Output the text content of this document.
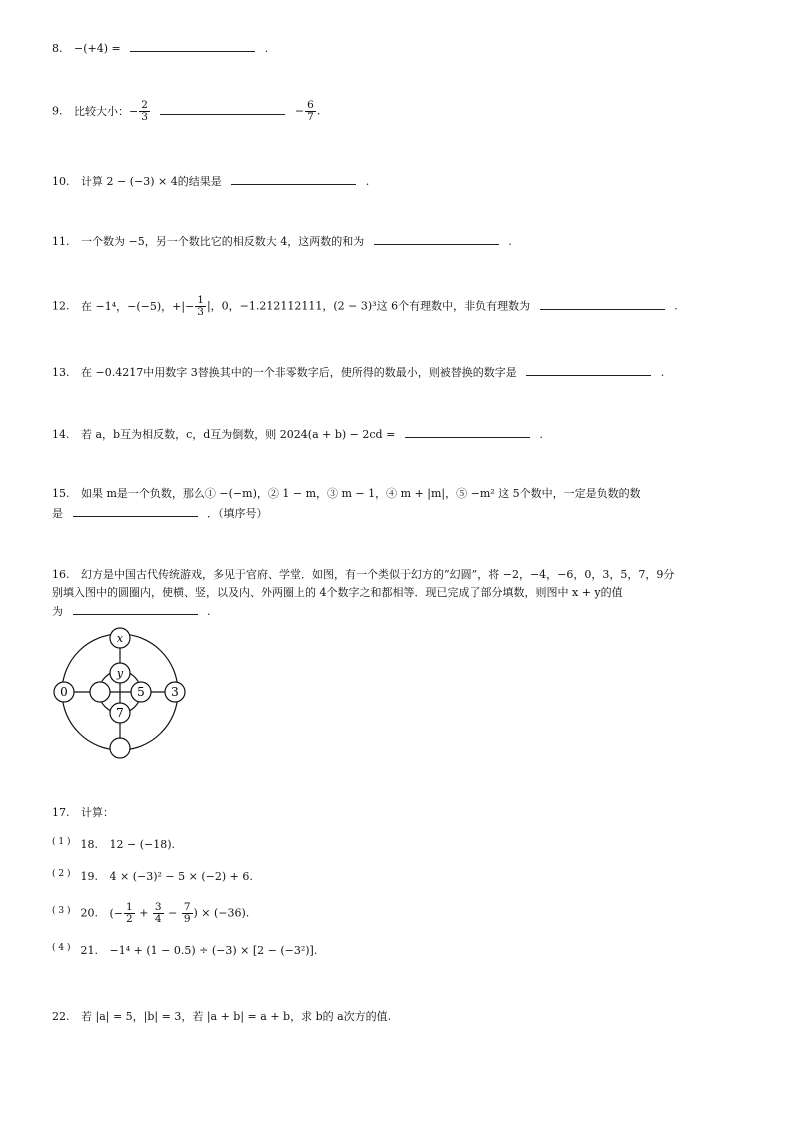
8. −(+4) =	.
9. 比较大小：− $\frac{2}{3}$	− $\frac{6}{7}$ .
10. 计算 2 − (−3) × 4的结果是	.
11. 一个数为 −5，另一个数比它的相反数大 4，这两数的和为	.
12. 在 −1⁴，−(−5)，+|− $\frac{1}{3}$ |，0，−1.212112111，(2 − 3)³这 6个有理数中，非负有理数为	.
13. 在 −0.4217中用数字 3替换其中的一个非零数字后，使所得的数最小，则被替换的数字是	.
14. 若 a，b互为相反数，c，d互为倒数，则 2024(a + b) − 2cd =	.
15. 如果 m是一个负数，那么① −(−m)，② 1 − m，③ m − 1，④ m + |m|，⑤ −m² 这 5个数中，一定是负数的数
是	．（填序号）
16. 幻方是中国古代传统游戏，多见于官府、学堂．如图，有一个类似于幻方的“幻圆”，将 −2，−4，−6，0，3，5，7，9分
别填入图中的圆圈内，使横、竖，以及内、外两圈上的 4个数字之和都相等．现已完成了部分填数，则图中 x + y的值
为	.
x
0	3
y
5
7
17. 计算：
$^{( 1 )}$ 18. 12 − (−18).
$^{( 2 )}$ 19. 4 × (−3)² − 5 × (−2) + 6.
$^{( 3 )}$ 20. (− $\frac{1}{2} + \frac{3}{4} - \frac{7}{9}$ ) × (−36).
$^{( 4 )}$ 21. −1⁴ + (1 − 0.5) ÷ (−3) × [2 − (−3²)].
22. 若 |a| = 5，|b| = 3，若 |a + b| = a + b，求 b的 a次方的值.
